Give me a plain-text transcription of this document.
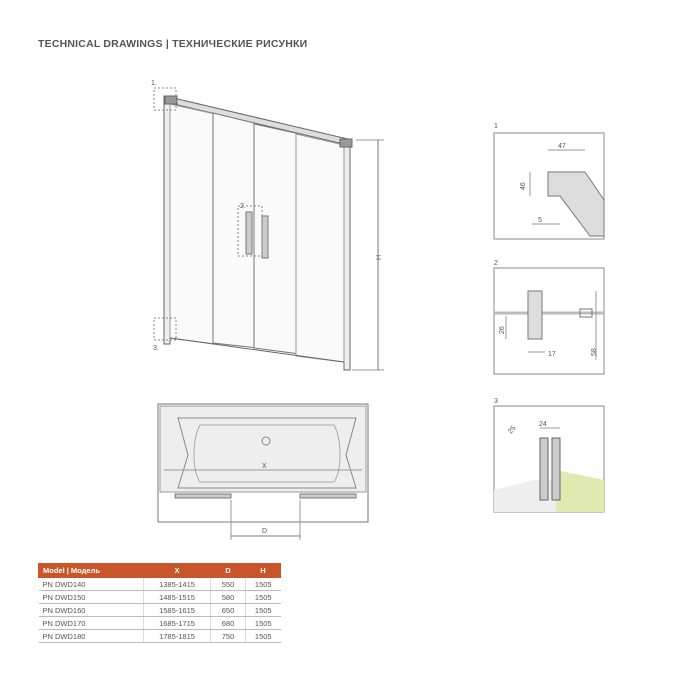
TECHNICAL DRAWINGS | ТЕХНИЧЕСКИЕ РИСУНКИ
1.
2.
3.
H
X
D
1
47
46
5
2
26
17	58
3
25
24
Model | Модель	X	D	H
PN DWD140	1385-1415	550	1505
PN DWD150	1485-1515	580	1505
PN DWD160	1585-1615	650	1505
PN DWD170	1685-1715	680	1505
PN DWD180	1785-1815	750	1505
